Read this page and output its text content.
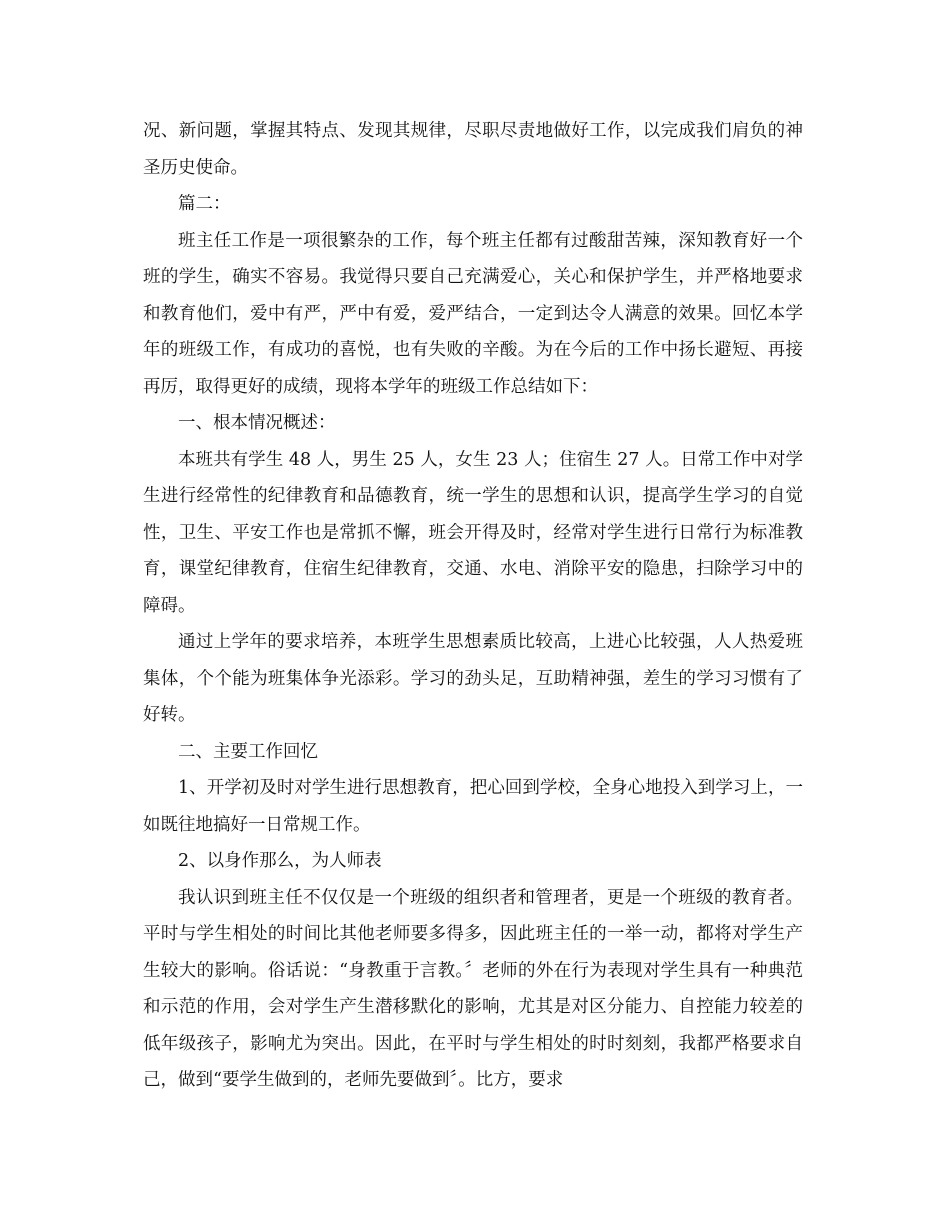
况、新问题，掌握其特点、发现其规律，尽职尽责地做好工作，以完成我们肩负的神圣历史使命。

篇二：

班主任工作是一项很繁杂的工作，每个班主任都有过酸甜苦辣，深知教育好一个班的学生，确实不容易。我觉得只要自己充满爱心，关心和保护学生，并严格地要求和教育他们，爱中有严，严中有爱，爱严结合，一定到达令人满意的效果。回忆本学年的班级工作，有成功的喜悦，也有失败的辛酸。为在今后的工作中扬长避短、再接再厉，取得更好的成绩，现将本学年的班级工作总结如下：

一、根本情况概述：

本班共有学生 48 人，男生 25 人，女生 23 人；住宿生 27 人。日常工作中对学生进行经常性的纪律教育和品德教育，统一学生的思想和认识，提高学生学习的自觉性，卫生、平安工作也是常抓不懈，班会开得及时，经常对学生进行日常行为标准教育，课堂纪律教育，住宿生纪律教育，交通、水电、消除平安的隐患，扫除学习中的障碍。

通过上学年的要求培养，本班学生思想素质比较高，上进心比较强，人人热爱班集体，个个能为班集体争光添彩。学习的劲头足，互助精神强，差生的学习习惯有了好转。

二、主要工作回忆

1、开学初及时对学生进行思想教育，把心回到学校，全身心地投入到学习上，一如既往地搞好一日常规工作。

2、以身作那么，为人师表

我认识到班主任不仅仅是一个班级的组织者和管理者，更是一个班级的教育者。平时与学生相处的时间比其他老师要多得多，因此班主任的一举一动，都将对学生产生较大的影响。俗话说：“身教重于言教。〞老师的外在行为表现对学生具有一种典范和示范的作用，会对学生产生潜移默化的影响，尤其是对区分能力、自控能力较差的低年级孩子，影响尤为突出。因此，在平时与学生相处的时时刻刻，我都严格要求自己，做到“要学生做到的，老师先要做到〞。比方，要求
